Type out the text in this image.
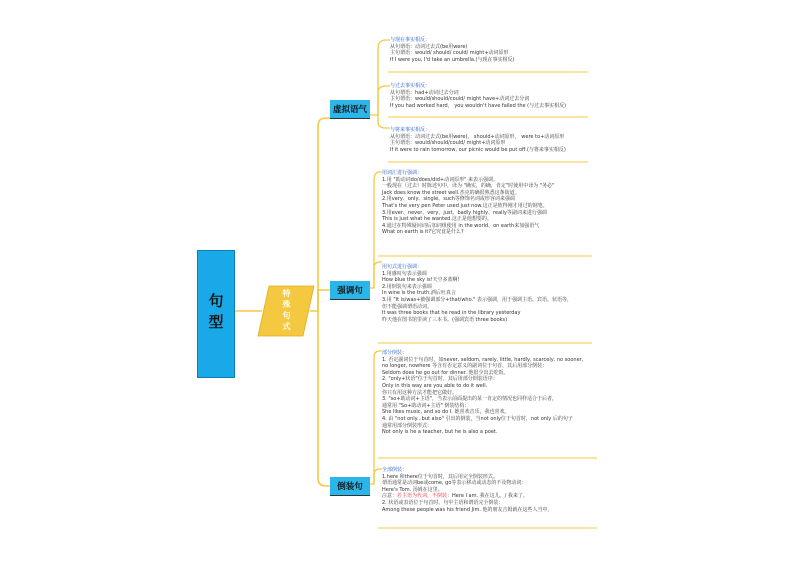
句型	特殊句式
虚拟语气
强调句
倒装句
与现在事实相反：
从句谓语：动词过去式(be用were)
主句谓语：would/ should/ could/ might+动词原形
If I were you, I'd take an umbrella.(与现在事实相反)
与过去事实相反：
从句谓语：had+动词过去分词
主句谓语：would/should/could/ might have+动词过去分词
If you had worked hard， you wouldn't have failed the (与过去事实相反)
与将来事实相反：
从句谓语：动词过去式(be用were)， should+动词原形， were to+动词原形
主句谓语：would/should/could/ might+动词原形
If it were to rain tomorrow, our picnic would be put off.(与将来事实相反)
用词汇进行强调：
1.用 "助动词do/does/did+动词原形" 来表示强调。
一般现在（过去）时陈述句中，译为 "确实，的确，肯定"时使用中译为 "务必"
Jack does know the street well.杰克的确很熟悉这条街道。
2.用very、only、single、such等修饰名词或形容词来强调
That's the very pen Peter used just now.这正是彼得刚才用过的钢笔。
3.用ever、never、very、just、badly highly、really等副词来进行强调
This is just what he wanted.这正是他想要的。
4.通过在特殊疑问词后加词组使用 in the world、on earth来加强语气
What on earth is it?它究竟是什么?
用句式进行强调：
1.用感叹句表示强调
How blue the sky is!天空多蓝啊!
2.用倒装句来表示强调
In wine is the truth.酒后吐真言
3.用 "It is/was+被强调部分+that/who." 表示强调，用于强调主语、宾语、状语等，
但不能强调谓语动词。
It was three books that he read in the library yesterday
昨天他在图书馆里读了三本书。(强调宾语 three books)
部分倒装：
1. 否定副词位于句首时，如never, seldom, rarely, little, hardly, scarcely, no sooner,
no longer, nowhere 等含有否定意义的副词位于句首，其后用部分倒装：
Seldom does he go out for dinner. 他很少出去吃饭。
2. "only+状语"位于句首时，其后用部分倒装语序：
Only in this way are you able to do it well.
你只有用这种方法才能把它做好。
3. "so+助动词+主语"，当表示前面提出的某一肯定的情况也同样适合于后者，
通常用 "So+助动词+主语" 倒装结构：
She likes music, and so do I. 她喜欢音乐，我也喜欢。
4. 由 "not only...but also" 引出的倒装，当not only位于句首时，not only 后的句子
通常用部分倒装形式：
Not only is he a teacher, but he is also a poet.
全部倒装：
1.here 和there位于句首时，其后用完全倒装形式。
谓语通常是动词be或come, go等表示移动或动态的不及物动词：
Here's Tom. 汤姆在这里。
注意：若主语为代词，不倒装：Here I am. 我在这儿。/ 我来了。
2. 状语或表语位于句首时。句中主语和谓语完全倒装：
Among these people was his friend Jim. 他的朋友吉姆就在这些人当中。
